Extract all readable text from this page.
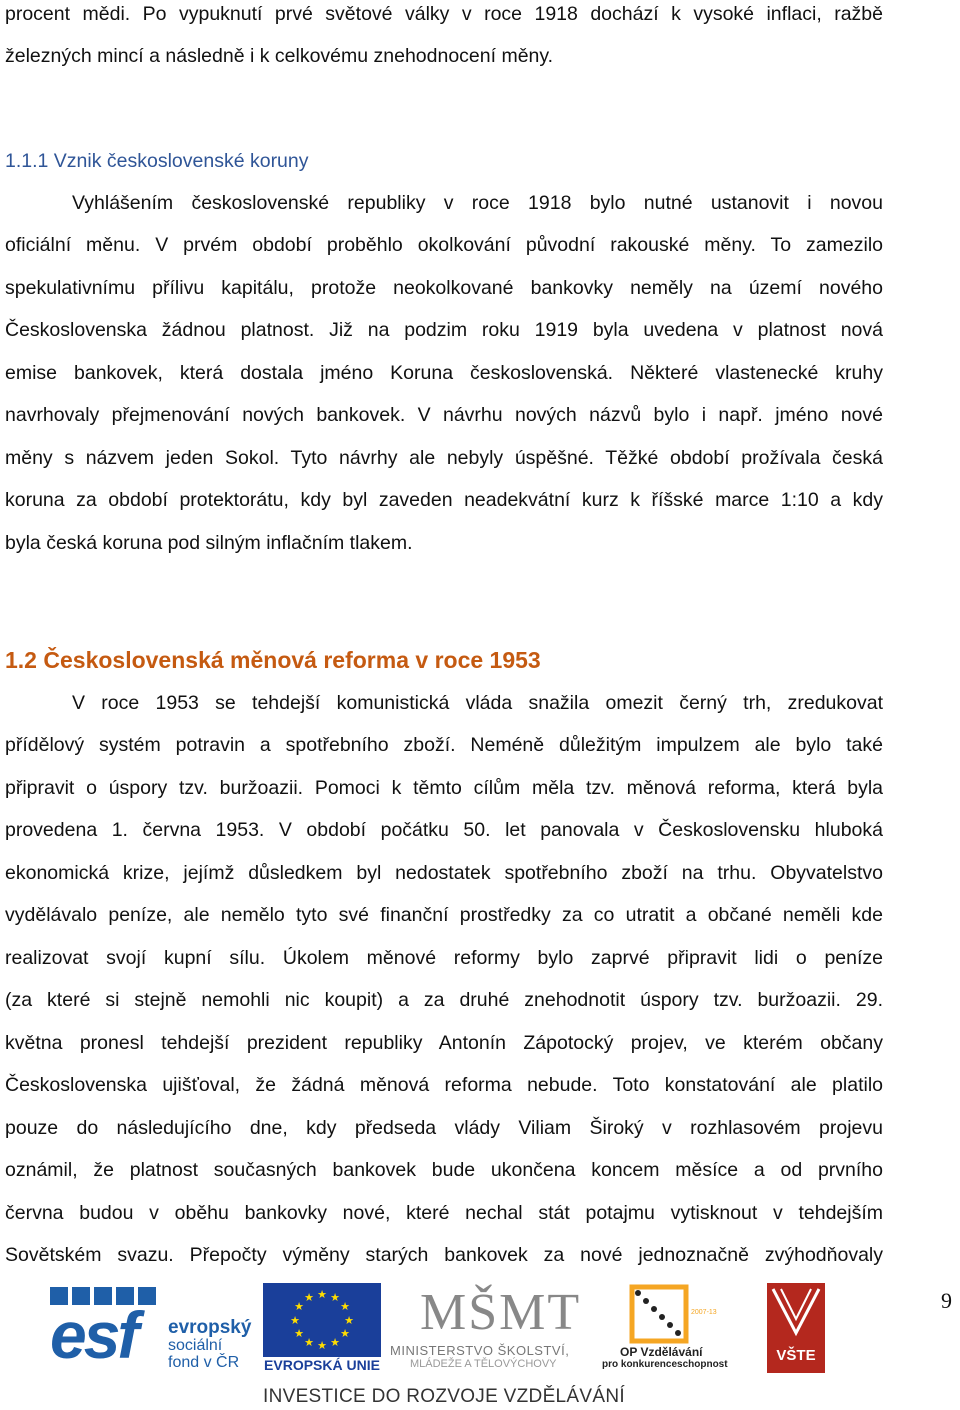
procent mědi. Po vypuknutí prvé světové války v roce 1918 dochází k vysoké inflaci, ražbě
železných mincí a následně i k celkovému znehodnocení měny.
1.1.1 Vznik československé koruny
Vyhlášením československé republiky v roce 1918 bylo nutné ustanovit i novou
oficiální měnu. V prvém období proběhlo okolkování původní rakouské měny. To zamezilo
spekulativnímu přílivu kapitálu, protože neokolkované bankovky neměly na území nového
Československa žádnou platnost. Již na podzim roku 1919 byla uvedena v platnost nová
emise bankovek, která dostala jméno Koruna československá. Některé vlastenecké kruhy
navrhovaly přejmenování nových bankovek. V návrhu nových názvů bylo i např. jméno nové
měny s názvem jeden Sokol. Tyto návrhy ale nebyly úspěšné. Těžké období prožívala česká
koruna za období protektorátu, kdy byl zaveden neadekvátní kurz k říšské marce 1:10 a kdy
byla česká koruna pod silným inflačním tlakem.
1.2 Československá měnová reforma v roce 1953
V roce 1953 se tehdejší komunistická vláda snažila omezit černý trh, zredukovat
přídělový systém potravin a spotřebního zboží. Neméně důležitým impulzem ale bylo také
připravit o úspory tzv. buržoazii. Pomoci k těmto cílům měla tzv. měnová reforma, která byla
provedena 1. června 1953. V období počátku 50. let panovala v Československu hluboká
ekonomická krize, jejímž důsledkem byl nedostatek spotřebního zboží na trhu. Obyvatelstvo
vydělávalo peníze, ale nemělo tyto své finanční prostředky za co utratit a občané neměli kde
realizovat svojí kupní sílu. Úkolem měnové reformy bylo zaprvé připravit lidi o peníze
(za které si stejně nemohli nic koupit) a za druhé znehodnotit úspory tzv. buržoazii. 29.
května pronesl tehdejší prezident republiky Antonín Zápotocký projev, ve kterém občany
Československa ujišťoval, že žádná měnová reforma nebude. Toto konstatování ale platilo
pouze do následujícího dne, kdy předseda vlády Viliam Široký v rozhlasovém projevu
oznámil, že platnost současných bankovek bude ukončena koncem měsíce a od prvního
června budou v oběhu bankovky nové, které nechal stát potajmu vytisknout v tehdejším
Sovětském svazu. Přepočty výměny starých bankovek za nové jednoznačně zvýhodňovaly
9
esf evropský
sociální
fond v ČR
★ ★
★
★
★
★
★
★
★
★
★
★
EVROPSKÁ UNIE
MŠMT
MINISTERSTVO ŠKOLSTVÍ,
MLÁDEŽE A TĚLOVÝCHOVY
2007-13
OP Vzdělávání
pro konkurenceschopnost
VŠTE
INVESTICE DO ROZVOJE VZDĚLÁVÁNÍ
